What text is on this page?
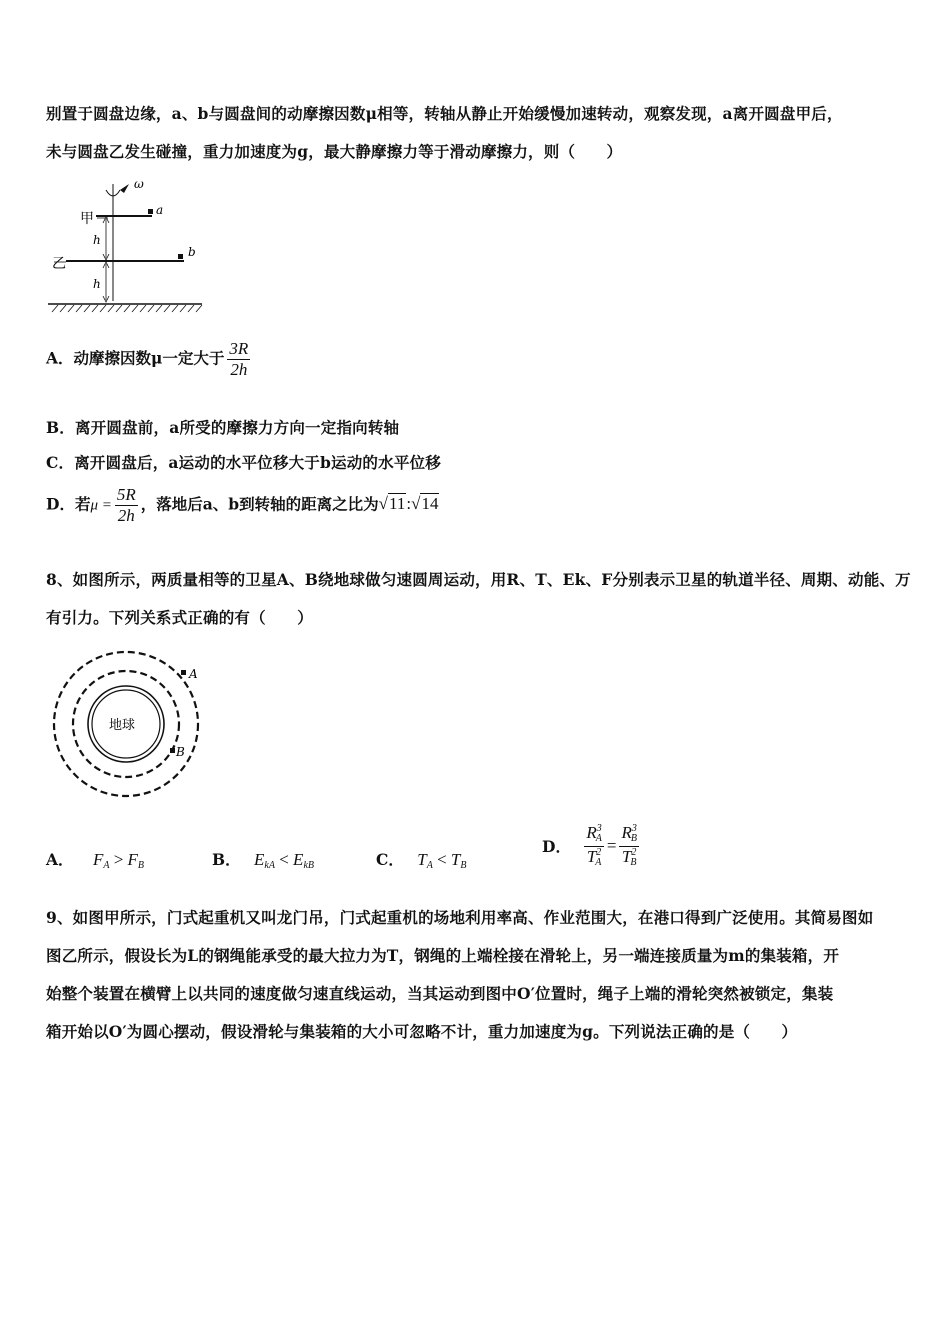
别置于圆盘边缘，a、b与圆盘间的动摩擦因数μ相等，转轴从静止开始缓慢加速转动，观察发现，a离开圆盘甲后，
未与圆盘乙发生碰撞，重力加速度为g，最大静摩擦力等于滑动摩擦力，则（　　）
ω
a
甲
b
乙
h
h
A．动摩擦因数μ一定大于 $\frac{3R}{2h}$
B．离开圆盘前，a所受的摩擦力方向一定指向转轴
C．离开圆盘后，a运动的水平位移大于b运动的水平位移
D．若$\mu = \frac{5R}{2h}$ ，落地后a、b到转轴的距离之比为√11:√14
8、如图所示，两质量相等的卫星A、B绕地球做匀速圆周运动，用R、T、Ek、F分别表示卫星的轨道半径、周期、动能、万
有引力。下列关系式正确的有（　　）
地球
A
B
A． $F_A > F_B$	B． $E_{kA} < E_{kB}$	C． $T_A < T_B$
D． $\frac{R^3_A}{T^2_A} = \frac{R^3_B}{T^2_B}$
9、如图甲所示，门式起重机又叫龙门吊，门式起重机的场地利用率高、作业范围大，在港口得到广泛使用。其简易图如
图乙所示，假设长为L的钢绳能承受的最大拉力为T，钢绳的上端栓接在滑轮上，另一端连接质量为m的集装箱，开
始整个装置在横臂上以共同的速度做匀速直线运动，当其运动到图中O′位置时，绳子上端的滑轮突然被锁定，集装
箱开始以O′为圆心摆动，假设滑轮与集装箱的大小可忽略不计，重力加速度为g。下列说法正确的是（　　）
